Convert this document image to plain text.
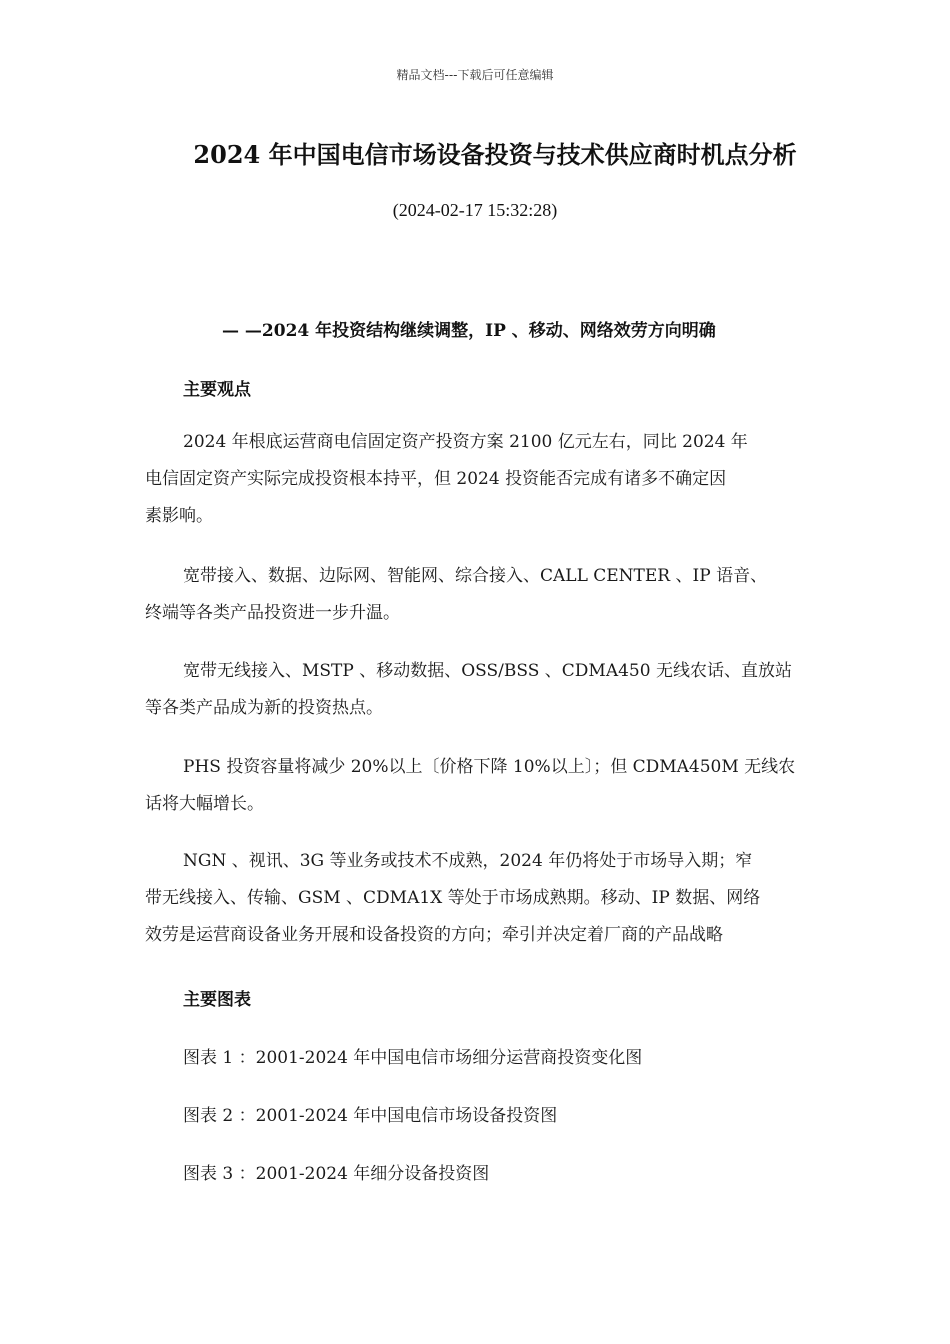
精品文档---下载后可任意编辑
2024 年中国电信市场设备投资与技术供应商时机点分析
(2024-02-17 15:32:28)
— —2024 年投资结构继续调整，IP 、移动、网络效劳方向明确
主要观点
2024 年根底运营商电信固定资产投资方案 2100 亿元左右，同比 2024 年
电信固定资产实际完成投资根本持平，但 2024 投资能否完成有诸多不确定因
素影响。
宽带接入、数据、边际网、智能网、综合接入、CALL CENTER 、IP 语音、
终端等各类产品投资进一步升温。
宽带无线接入、MSTP 、移动数据、OSS/BSS 、CDMA450 无线农话、直放站
等各类产品成为新的投资热点。
PHS 投资容量将减少 20%以上〔价格下降 10%以上〕；但 CDMA450M 无线农
话将大幅增长。
NGN 、视讯、3G 等业务或技术不成熟，2024 年仍将处于市场导入期；窄
带无线接入、传输、GSM 、CDMA1X 等处于市场成熟期。移动、IP 数据、网络
效劳是运营商设备业务开展和设备投资的方向；牵引并决定着厂商的产品战略
主要图表
图表 1 ：2001-2024 年中国电信市场细分运营商投资变化图
图表 2 ：2001-2024 年中国电信市场设备投资图
图表 3 ：2001-2024 年细分设备投资图
